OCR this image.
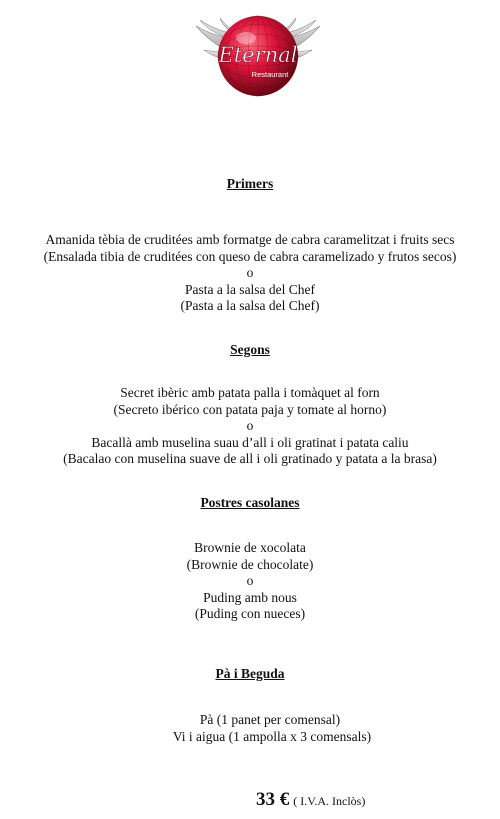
Eternal
Restaurant
Primers
Amanida tèbia de cruditées amb formatge de cabra caramelitzat i fruits secs
(Ensalada tibia de cruditées con queso de cabra caramelizado y frutos secos)
o
Pasta a la salsa del Chef
(Pasta a la salsa del Chef)
Segons
Secret ibèric amb patata palla i tomàquet al forn
(Secreto ibérico con patata paja y tomate al horno)
o
Bacallà amb muselina suau d’all i oli gratinat i patata caliu
(Bacalao con muselina suave de all i oli gratinado y patata a la brasa)
Postres casolanes
Brownie de xocolata
(Brownie de chocolate)
o
Puding amb nous
(Puding con nueces)
Pà i Beguda
Pà (1 panet per comensal)
Vi i aigua (1 ampolla x 3 comensals)
33 € ( I.V.A. Inclòs)
